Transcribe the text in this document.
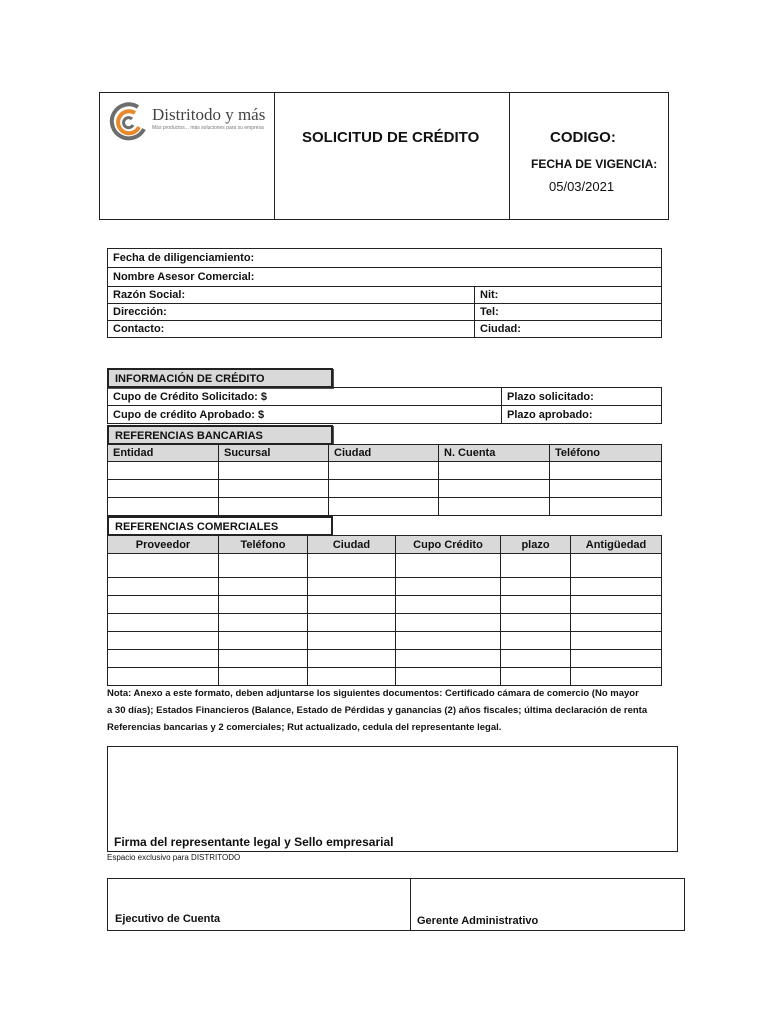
Distritodo y más
Más productos... más soluciones para su empresa
SOLICITUD DE CRÉDITO	CODIGO:
FECHA DE VIGENCIA:
05/03/2021
Fecha de diligenciamiento:	
Nombre Asesor Comercial:	
Razón Social:	Nit:
Dirección:	Tel:
Contacto:	Ciudad:
INFORMACIÓN DE CRÉDITO
Cupo de Crédito Solicitado: $	Plazo solicitado:
Cupo de crédito Aprobado: $	Plazo aprobado:
REFERENCIAS BANCARIAS
Entidad	Sucursal	Ciudad	N. Cuenta	Teléfono

REFERENCIAS COMERCIALES
Proveedor	Teléfono	Ciudad	Cupo Crédito	plazo	Antigüedad

Nota: Anexo a este formato, deben adjuntarse los siguientes documentos: Certificado cámara de comercio (No mayor
a 30 días); Estados Financieros (Balance, Estado de Pérdidas y ganancias (2) años fiscales; última declaración de renta
Referencias bancarias y 2 comerciales; Rut actualizado, cedula del representante legal.
Firma del representante legal y Sello empresarial
Espacio exclusivo para DISTRITODO
Ejecutivo de Cuenta	Gerente Administrativo
